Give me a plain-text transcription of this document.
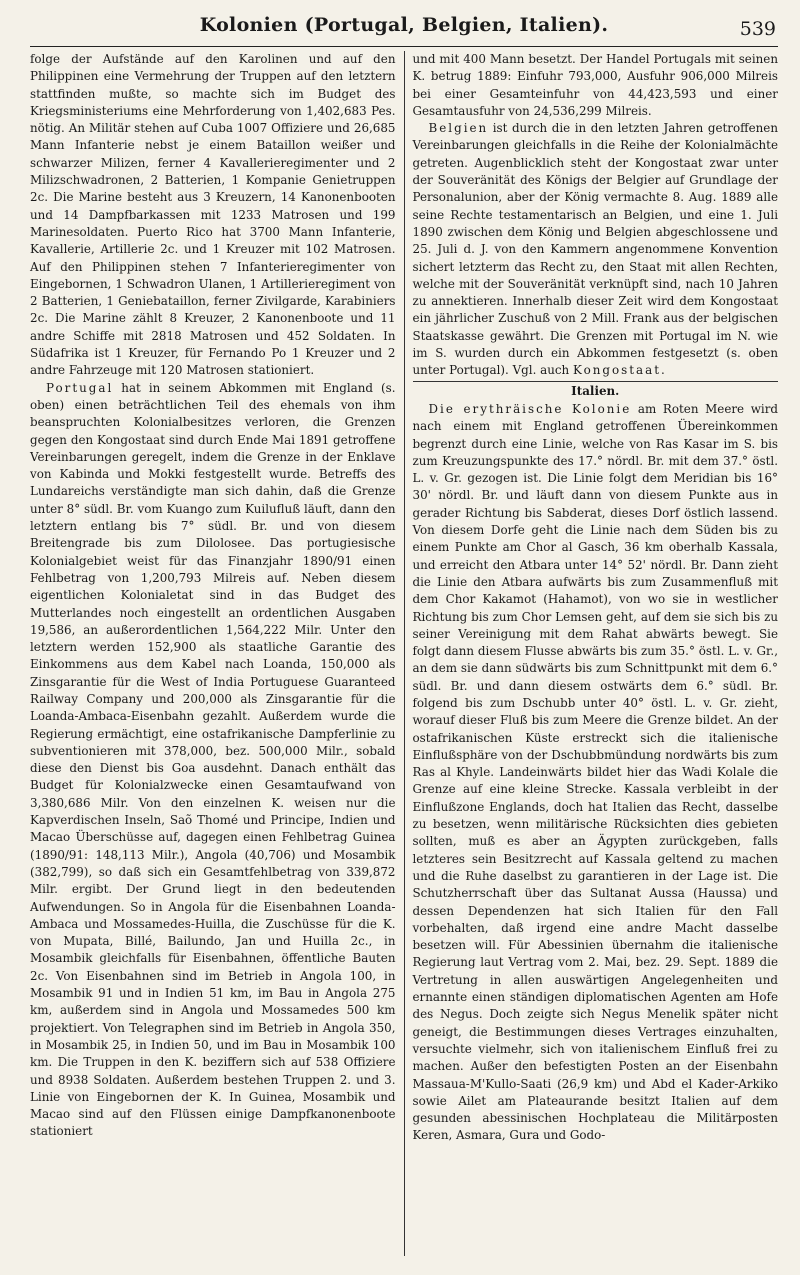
Kolonien (Portugal, Belgien, Italien).	539

folge der Aufstände auf den Karolinen und auf den Philippinen eine Vermehrung der Truppen auf den letztern stattfinden mußte, so machte sich im Budget des Kriegsministeriums eine Mehrforderung von 1,402,683 Pes. nötig. An Militär stehen auf Cuba 1007 Offiziere und 26,685 Mann Infanterie nebst je einem Bataillon weißer und schwarzer Milizen, ferner 4 Kavallerieregimenter und 2 Milizschwadronen, 2 Batterien, 1 Kompanie Genietruppen 2c. Die Marine besteht aus 3 Kreuzern, 14 Kanonenbooten und 14 Dampfbarkassen mit 1233 Matrosen und 199 Marinesoldaten. Puerto Rico hat 3700 Mann Infanterie, Kavallerie, Artillerie 2c. und 1 Kreuzer mit 102 Matrosen. Auf den Philippinen stehen 7 Infanterieregimenter von Eingebornen, 1 Schwadron Ulanen, 1 Artillerieregiment von 2 Batterien, 1 Geniebataillon, ferner Zivilgarde, Karabiniers 2c. Die Marine zählt 8 Kreuzer, 2 Kanonenboote und 11 andre Schiffe mit 2818 Matrosen und 452 Soldaten. In Südafrika ist 1 Kreuzer, für Fernando Po 1 Kreuzer und 2 andre Fahrzeuge mit 120 Matrosen stationiert.

Portugal hat in seinem Abkommen mit England (s. oben) einen beträchtlichen Teil des ehemals von ihm beanspruchten Kolonialbesitzes verloren, die Grenzen gegen den Kongostaat sind durch Ende Mai 1891 getroffene Vereinbarungen geregelt, indem die Grenze in der Enklave von Kabinda und Mokki festgestellt wurde. Betreffs des Lundareichs verständigte man sich dahin, daß die Grenze unter 8° südl. Br. vom Kuango zum Kuilufluß läuft, dann den letztern entlang bis 7° südl. Br. und von diesem Breitengrade bis zum Dilolosee. Das portugiesische Kolonialgebiet weist für das Finanzjahr 1890/91 einen Fehlbetrag von 1,200,793 Milreis auf. Neben diesem eigentlichen Kolonialetat sind in das Budget des Mutterlandes noch eingestellt an ordentlichen Ausgaben 19,586, an außerordentlichen 1,564,222 Milr. Unter den letztern werden 152,900 als staatliche Garantie des Einkommens aus dem Kabel nach Loanda, 150,000 als Zinsgarantie für die West of India Portuguese Guaranteed Railway Company und 200,000 als Zinsgarantie für die Loanda-Ambaca-Eisenbahn gezahlt. Außerdem wurde die Regierung ermächtigt, eine ostafrikanische Dampferlinie zu subventionieren mit 378,000, bez. 500,000 Milr., sobald diese den Dienst bis Goa ausdehnt. Danach enthält das Budget für Kolonialzwecke einen Gesamtaufwand von 3,380,686 Milr. Von den einzelnen K. weisen nur die Kapverdischen Inseln, Saõ Thomé und Principe, Indien und Macao Überschüsse auf, dagegen einen Fehlbetrag Guinea (1890/91: 148,113 Milr.), Angola (40,706) und Mosambik (382,799), so daß sich ein Gesamtfehlbetrag von 339,872 Milr. ergibt. Der Grund liegt in den bedeutenden Aufwendungen. So in Angola für die Eisenbahnen Loanda-Ambaca und Mossamedes-Huilla, die Zuschüsse für die K. von Mupata, Billé, Bailundo, Jan und Huilla 2c., in Mosambik gleichfalls für Eisenbahnen, öffentliche Bauten 2c. Von Eisenbahnen sind im Betrieb in Angola 100, in Mosambik 91 und in Indien 51 km, im Bau in Angola 275 km, außerdem sind in Angola und Mossamedes 500 km projektiert. Von Telegraphen sind im Betrieb in Angola 350, in Mosambik 25, in Indien 50, und im Bau in Mosambik 100 km. Die Truppen in den K. beziffern sich auf 538 Offiziere und 8938 Soldaten. Außerdem bestehen Truppen 2. und 3. Linie von Eingebornen der K. In Guinea, Mosambik und Macao sind auf den Flüssen einige Dampfkanonenboote stationiert

und mit 400 Mann besetzt. Der Handel Portugals mit seinen K. betrug 1889: Einfuhr 793,000, Ausfuhr 906,000 Milreis bei einer Gesamteinfuhr von 44,423,593 und einer Gesamtausfuhr von 24,536,299 Milreis.

Belgien ist durch die in den letzten Jahren getroffenen Vereinbarungen gleichfalls in die Reihe der Kolonialmächte getreten. Augenblicklich steht der Kongostaat zwar unter der Souveränität des Königs der Belgier auf Grundlage der Personalunion, aber der König vermachte 8. Aug. 1889 alle seine Rechte testamentarisch an Belgien, und eine 1. Juli 1890 zwischen dem König und Belgien abgeschlossene und 25. Juli d. J. von den Kammern angenommene Konvention sichert letzterm das Recht zu, den Staat mit allen Rechten, welche mit der Souveränität verknüpft sind, nach 10 Jahren zu annektieren. Innerhalb dieser Zeit wird dem Kongostaat ein jährlicher Zuschuß von 2 Mill. Frank aus der belgischen Staatskasse gewährt. Die Grenzen mit Portugal im N. wie im S. wurden durch ein Abkommen festgesetzt (s. oben unter Portugal). Vgl. auch Kongostaat.

Italien.

Die erythräische Kolonie am Roten Meere wird nach einem mit England getroffenen Übereinkommen begrenzt durch eine Linie, welche von Ras Kasar im S. bis zum Kreuzungspunkte des 17.° nördl. Br. mit dem 37.° östl. L. v. Gr. gezogen ist. Die Linie folgt dem Meridian bis 16° 30' nördl. Br. und läuft dann von diesem Punkte aus in gerader Richtung bis Sabderat, dieses Dorf östlich lassend. Von diesem Dorfe geht die Linie nach dem Süden bis zu einem Punkte am Chor al Gasch, 36 km oberhalb Kassala, und erreicht den Atbara unter 14° 52' nördl. Br. Dann zieht die Linie den Atbara aufwärts bis zum Zusammenfluß mit dem Chor Kakamot (Hahamot), von wo sie in westlicher Richtung bis zum Chor Lemsen geht, auf dem sie sich bis zu seiner Vereinigung mit dem Rahat abwärts bewegt. Sie folgt dann diesem Flusse abwärts bis zum 35.° östl. L. v. Gr., an dem sie dann südwärts bis zum Schnittpunkt mit dem 6.° südl. Br. und dann diesem ostwärts dem 6.° südl. Br. folgend bis zum Dschubb unter 40° östl. L. v. Gr. zieht, worauf dieser Fluß bis zum Meere die Grenze bildet. An der ostafrikanischen Küste erstreckt sich die italienische Einflußsphäre von der Dschubbmündung nordwärts bis zum Ras al Khyle. Landeinwärts bildet hier das Wadi Kolale die Grenze auf eine kleine Strecke. Kassala verbleibt in der Einflußzone Englands, doch hat Italien das Recht, dasselbe zu besetzen, wenn militärische Rücksichten dies gebieten sollten, muß es aber an Ägypten zurückgeben, falls letzteres sein Besitzrecht auf Kassala geltend zu machen und die Ruhe daselbst zu garantieren in der Lage ist. Die Schutzherrschaft über das Sultanat Aussa (Haussa) und dessen Dependenzen hat sich Italien für den Fall vorbehalten, daß irgend eine andre Macht dasselbe besetzen will. Für Abessinien übernahm die italienische Regierung laut Vertrag vom 2. Mai, bez. 29. Sept. 1889 die Vertretung in allen auswärtigen Angelegenheiten und ernannte einen ständigen diplomatischen Agenten am Hofe des Negus. Doch zeigte sich Negus Menelik später nicht geneigt, die Bestimmungen dieses Vertrages einzuhalten, versuchte vielmehr, sich von italienischem Einfluß frei zu machen. Außer den befestigten Posten an der Eisenbahn Massaua-M'Kullo-Saati (26,9 km) und Abd el Kader-Arkiko sowie Ailet am Plateaurande besitzt Italien auf dem gesunden abessinischen Hochplateau die Militärposten Keren, Asmara, Gura und Godo-
